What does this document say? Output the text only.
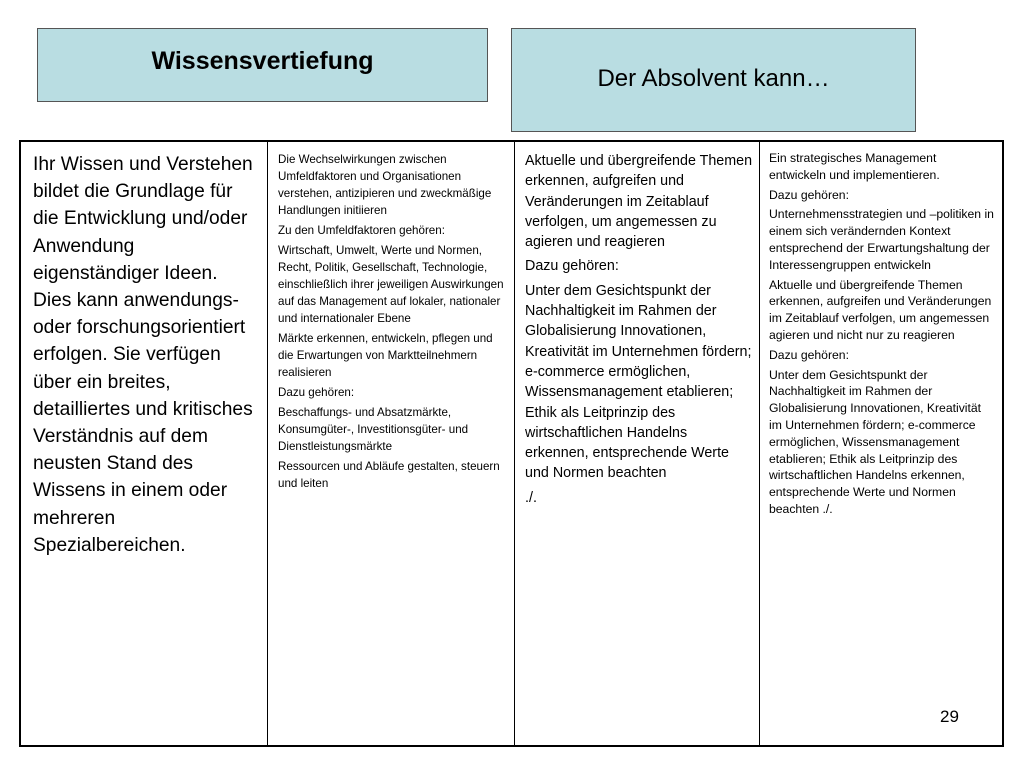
Wissensvertiefung
Der Absolvent kann…

Ihr Wissen und Verstehen bildet die Grundlage für die Entwicklung und/oder Anwendung eigenständiger Ideen. Dies kann anwendungs- oder forschungsorientiert erfolgen. Sie verfügen über ein breites, detailliertes und kritisches Verständnis auf dem neusten Stand des Wissens in einem oder mehreren Spezialbereichen.

Die Wechselwirkungen zwischen Umfeldfaktoren und Organisationen verstehen, antizipieren und zweckmäßige Handlungen initiieren

Zu den Umfeldfaktoren gehören:

Wirtschaft, Umwelt, Werte und Normen, Recht, Politik, Gesellschaft, Technologie, einschließlich ihrer jeweiligen Auswirkungen auf das Management auf lokaler, nationaler und internationaler Ebene

Märkte erkennen, entwickeln, pflegen und die Erwartungen von Marktteilnehmern realisieren

Dazu gehören:

Beschaffungs- und Absatzmärkte, Konsumgüter-, Investitionsgüter- und Dienstleistungsmärkte

Ressourcen und Abläufe gestalten, steuern und leiten

Aktuelle und übergreifende Themen erkennen, aufgreifen und Veränderungen im Zeitablauf verfolgen, um angemessen zu agieren und reagieren

Dazu gehören:

Unter dem Gesichtspunkt der Nachhaltigkeit im Rahmen der Globalisierung Innovationen, Kreativität im Unternehmen fördern; e-commerce ermöglichen, Wissensmanagement etablieren; Ethik als Leitprinzip des wirtschaftlichen Handelns erkennen, entsprechende Werte und Normen beachten

./.

Ein strategisches Management entwickeln und implementieren.

Dazu gehören:

Unternehmensstrategien und –politiken in einem sich verändernden Kontext entsprechend der Erwartungshaltung der Interessengruppen entwickeln

Aktuelle und übergreifende Themen erkennen, aufgreifen und Veränderungen im Zeitablauf verfolgen, um angemessen agieren und nicht nur zu reagieren

Dazu gehören:

Unter dem Gesichtspunkt der Nachhaltigkeit im Rahmen der Globalisierung Innovationen, Kreativität im Unternehmen fördern; e-commerce ermöglichen, Wissensmanagement etablieren; Ethik als Leitprinzip des wirtschaftlichen Handelns erkennen, entsprechende Werte und Normen beachten ./.

29
